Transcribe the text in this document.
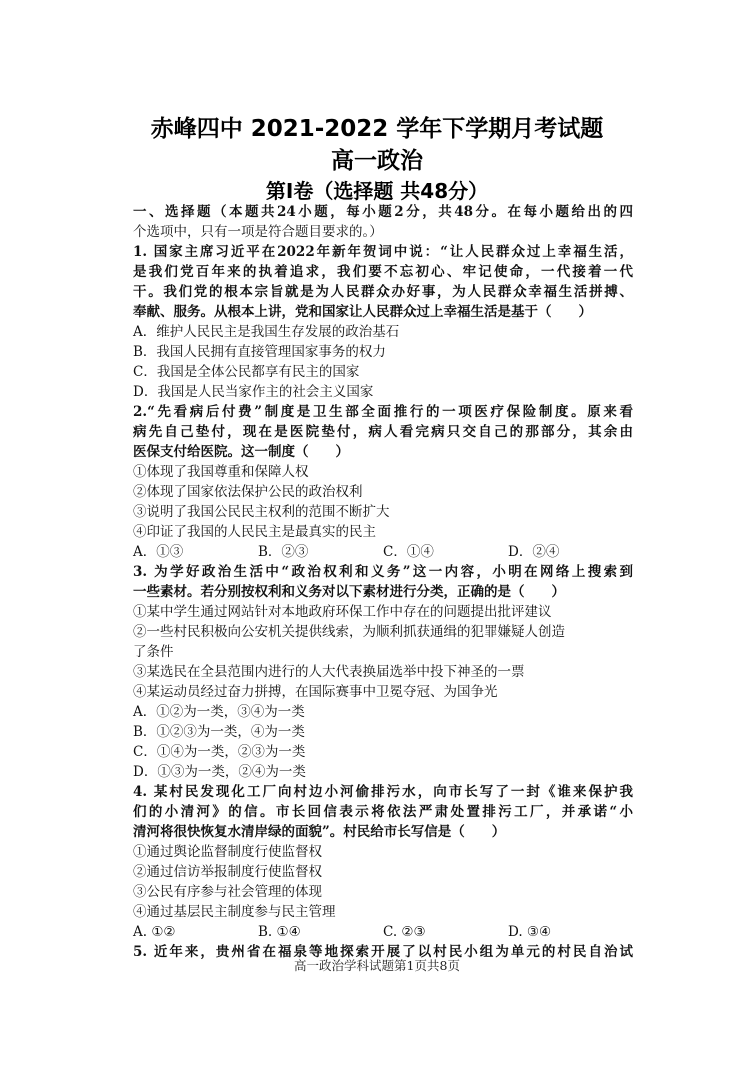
赤峰四中 2021-2022 学年下学期月考试题
高一政治
第Ⅰ卷（选择题 共48分）
一、选择题（本题共24小题，每小题2分，共48分。在每小题给出的四
个选项中，只有一项是符合题目要求的。）
1. 国家主席习近平在2022年新年贺词中说：“让人民群众过上幸福生活，
是我们党百年来的执着追求，我们要不忘初心、牢记使命，一代接着一代
干。我们党的根本宗旨就是为人民群众办好事，为人民群众幸福生活拼搏、
奉献、服务。从根本上讲，党和国家让人民群众过上幸福生活是基于（　　）
A．维护人民民主是我国生存发展的政治基石
B．我国人民拥有直接管理国家事务的权力
C．我国是全体公民都享有民主的国家
D．我国是人民当家作主的社会主义国家
2.“先看病后付费”制度是卫生部全面推行的一项医疗保险制度。原来看
病先自己垫付，现在是医院垫付，病人看完病只交自己的那部分，其余由
医保支付给医院。这一制度（　　）
①体现了我国尊重和保障人权
②体现了国家依法保护公民的政治权利
③说明了我国公民民主权利的范围不断扩大
④印证了我国的人民民主是最真实的民主
A．①③	B．②③	C．①④	D．②④
3. 为学好政治生活中“政治权利和义务”这一内容，小明在网络上搜索到
一些素材。若分别按权利和义务对以下素材进行分类，正确的是（　　）
①某中学生通过网站针对本地政府环保工作中存在的问题提出批评建议
②一些村民积极向公安机关提供线索，为顺利抓获通缉的犯罪嫌疑人创造
了条件
③某选民在全县范围内进行的人大代表换届选举中投下神圣的一票
④某运动员经过奋力拼搏，在国际赛事中卫冕夺冠、为国争光
A．①②为一类，③④为一类
B．①②③为一类，④为一类
C．①④为一类，②③为一类
D．①③为一类，②④为一类
4. 某村民发现化工厂向村边小河偷排污水，向市长写了一封《谁来保护我
们的小清河》的信。市长回信表示将依法严肃处置排污工厂，并承诺“小
清河将很快恢复水清岸绿的面貌”。村民给市长写信是（　　）
①通过舆论监督制度行使监督权
②通过信访举报制度行使监督权
③公民有序参与社会管理的体现
④通过基层民主制度参与民主管理
A. ①②	B. ①④	C. ②③	D. ③④
5. 近年来，贵州省在福泉等地探索开展了以村民小组为单元的村民自治试
高一政治学科试题第1页共8页
